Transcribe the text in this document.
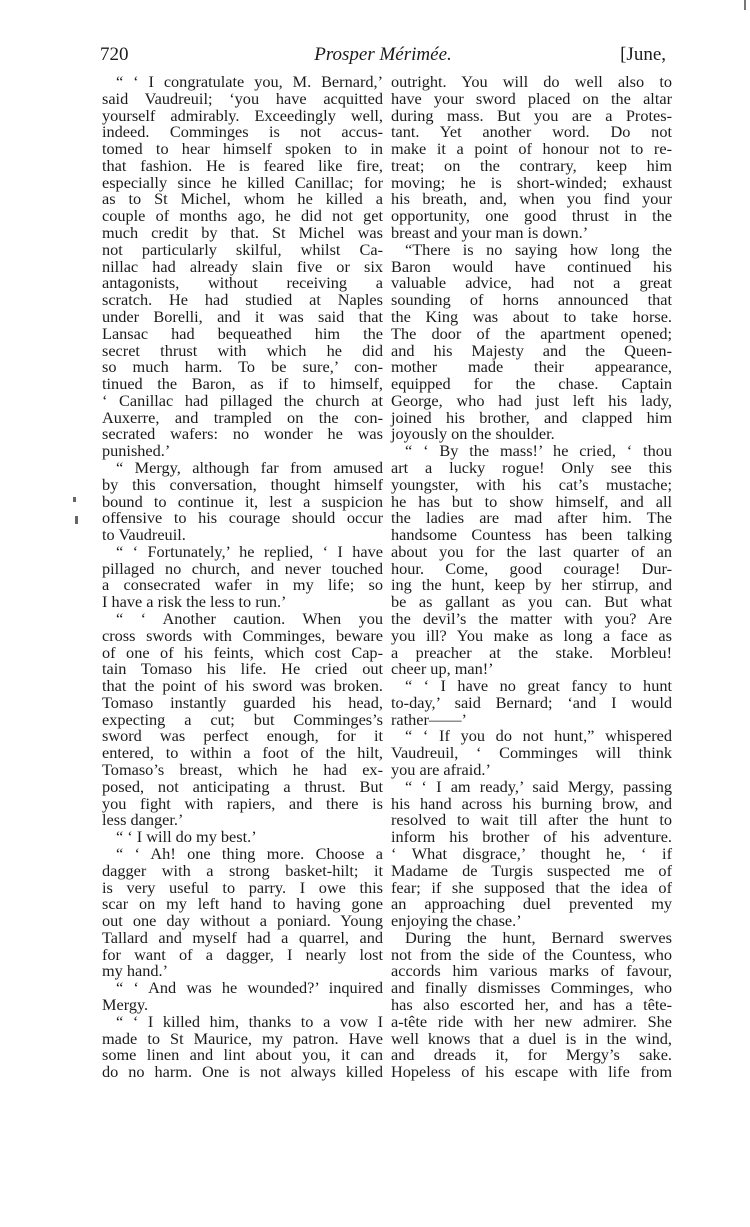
720	Prosper Mérimée.	[June,
“ ‘ I congratulate you, M. Bernard,’
said Vaudreuil; ‘you have acquitted
yourself admirably. Exceedingly well,
indeed. Comminges is not accus-
tomed to hear himself spoken to in
that fashion. He is feared like fire,
especially since he killed Canillac; for
as to St Michel, whom he killed a
couple of months ago, he did not get
much credit by that. St Michel was
not particularly skilful, whilst Ca-
nillac had already slain five or six
antagonists, without receiving a
scratch. He had studied at Naples
under Borelli, and it was said that
Lansac had bequeathed him the
secret thrust with which he did
so much harm. To be sure,’ con-
tinued the Baron, as if to himself,
‘ Canillac had pillaged the church at
Auxerre, and trampled on the con-
secrated wafers: no wonder he was
punished.’
“ Mergy, although far from amused
by this conversation, thought himself
bound to continue it, lest a suspicion
offensive to his courage should occur
to Vaudreuil.
“ ‘ Fortunately,’ he replied, ‘ I have
pillaged no church, and never touched
a consecrated wafer in my life; so
I have a risk the less to run.’
“ ‘ Another caution. When you
cross swords with Comminges, beware
of one of his feints, which cost Cap-
tain Tomaso his life. He cried out
that the point of his sword was broken.
Tomaso instantly guarded his head,
expecting a cut; but Comminges’s
sword was perfect enough, for it
entered, to within a foot of the hilt,
Tomaso’s breast, which he had ex-
posed, not anticipating a thrust. But
you fight with rapiers, and there is
less danger.’
“ ‘ I will do my best.’
“ ‘ Ah! one thing more. Choose a
dagger with a strong basket-hilt; it
is very useful to parry. I owe this
scar on my left hand to having gone
out one day without a poniard. Young
Tallard and myself had a quarrel, and
for want of a dagger, I nearly lost
my hand.’
“ ‘ And was he wounded?’ inquired
Mergy.
“ ‘ I killed him, thanks to a vow I
made to St Maurice, my patron. Have
some linen and lint about you, it can
do no harm. One is not always killed
outright. You will do well also to
have your sword placed on the altar
during mass. But you are a Protes-
tant. Yet another word. Do not
make it a point of honour not to re-
treat; on the contrary, keep him
moving; he is short-winded; exhaust
his breath, and, when you find your
opportunity, one good thrust in the
breast and your man is down.’
“There is no saying how long the
Baron would have continued his
valuable advice, had not a great
sounding of horns announced that
the King was about to take horse.
The door of the apartment opened;
and his Majesty and the Queen-
mother made their appearance,
equipped for the chase. Captain
George, who had just left his lady,
joined his brother, and clapped him
joyously on the shoulder.
“ ‘ By the mass!’ he cried, ‘ thou
art a lucky rogue! Only see this
youngster, with his cat’s mustache;
he has but to show himself, and all
the ladies are mad after him. The
handsome Countess has been talking
about you for the last quarter of an
hour. Come, good courage! Dur-
ing the hunt, keep by her stirrup, and
be as gallant as you can. But what
the devil’s the matter with you? Are
you ill? You make as long a face as
a preacher at the stake. Morbleu!
cheer up, man!’
“ ‘ I have no great fancy to hunt
to-day,’ said Bernard; ‘and I would
rather——’
“ ‘ If you do not hunt,” whispered
Vaudreuil, ‘ Comminges will think
you are afraid.’
“ ‘ I am ready,’ said Mergy, passing
his hand across his burning brow, and
resolved to wait till after the hunt to
inform his brother of his adventure.
‘ What disgrace,’ thought he, ‘ if
Madame de Turgis suspected me of
fear; if she supposed that the idea of
an approaching duel prevented my
enjoying the chase.’
During the hunt, Bernard swerves
not from the side of the Countess, who
accords him various marks of favour,
and finally dismisses Comminges, who
has also escorted her, and has a tête-
a-tête ride with her new admirer. She
well knows that a duel is in the wind,
and dreads it, for Mergy’s sake.
Hopeless of his escape with life from
